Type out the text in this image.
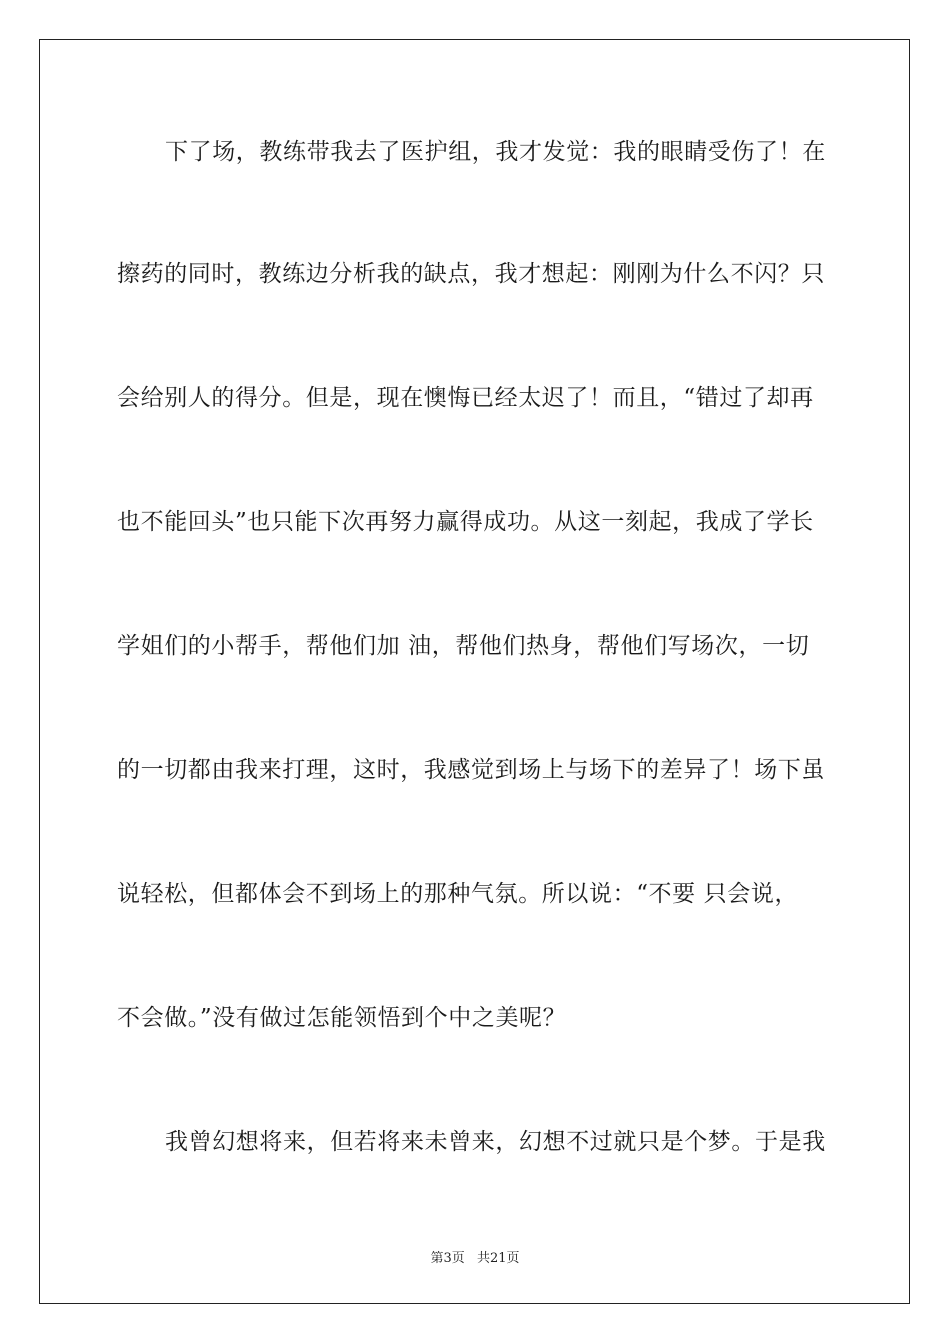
下了场，教练带我去了医护组，我才发觉：我的眼睛受伤了！在
擦药的同时，教练边分析我的缺点，我才想起：刚刚为什么不闪？只
会给别人的得分。但是，现在懊悔已经太迟了！而且，“错过了却再
也不能回头”也只能下次再努力赢得成功。从这一刻起，我成了学长
学姐们的小帮手，帮他们加 油，帮他们热身，帮他们写场次，一切
的一切都由我来打理，这时，我感觉到场上与场下的差异了！场下虽
说轻松，但都体会不到场上的那种气氛。所以说：“不要 只会说，
不会做。”没有做过怎能领悟到个中之美呢？
我曾幻想将来，但若将来未曾来，幻想不过就只是个梦。于是我
第3页 共21页
